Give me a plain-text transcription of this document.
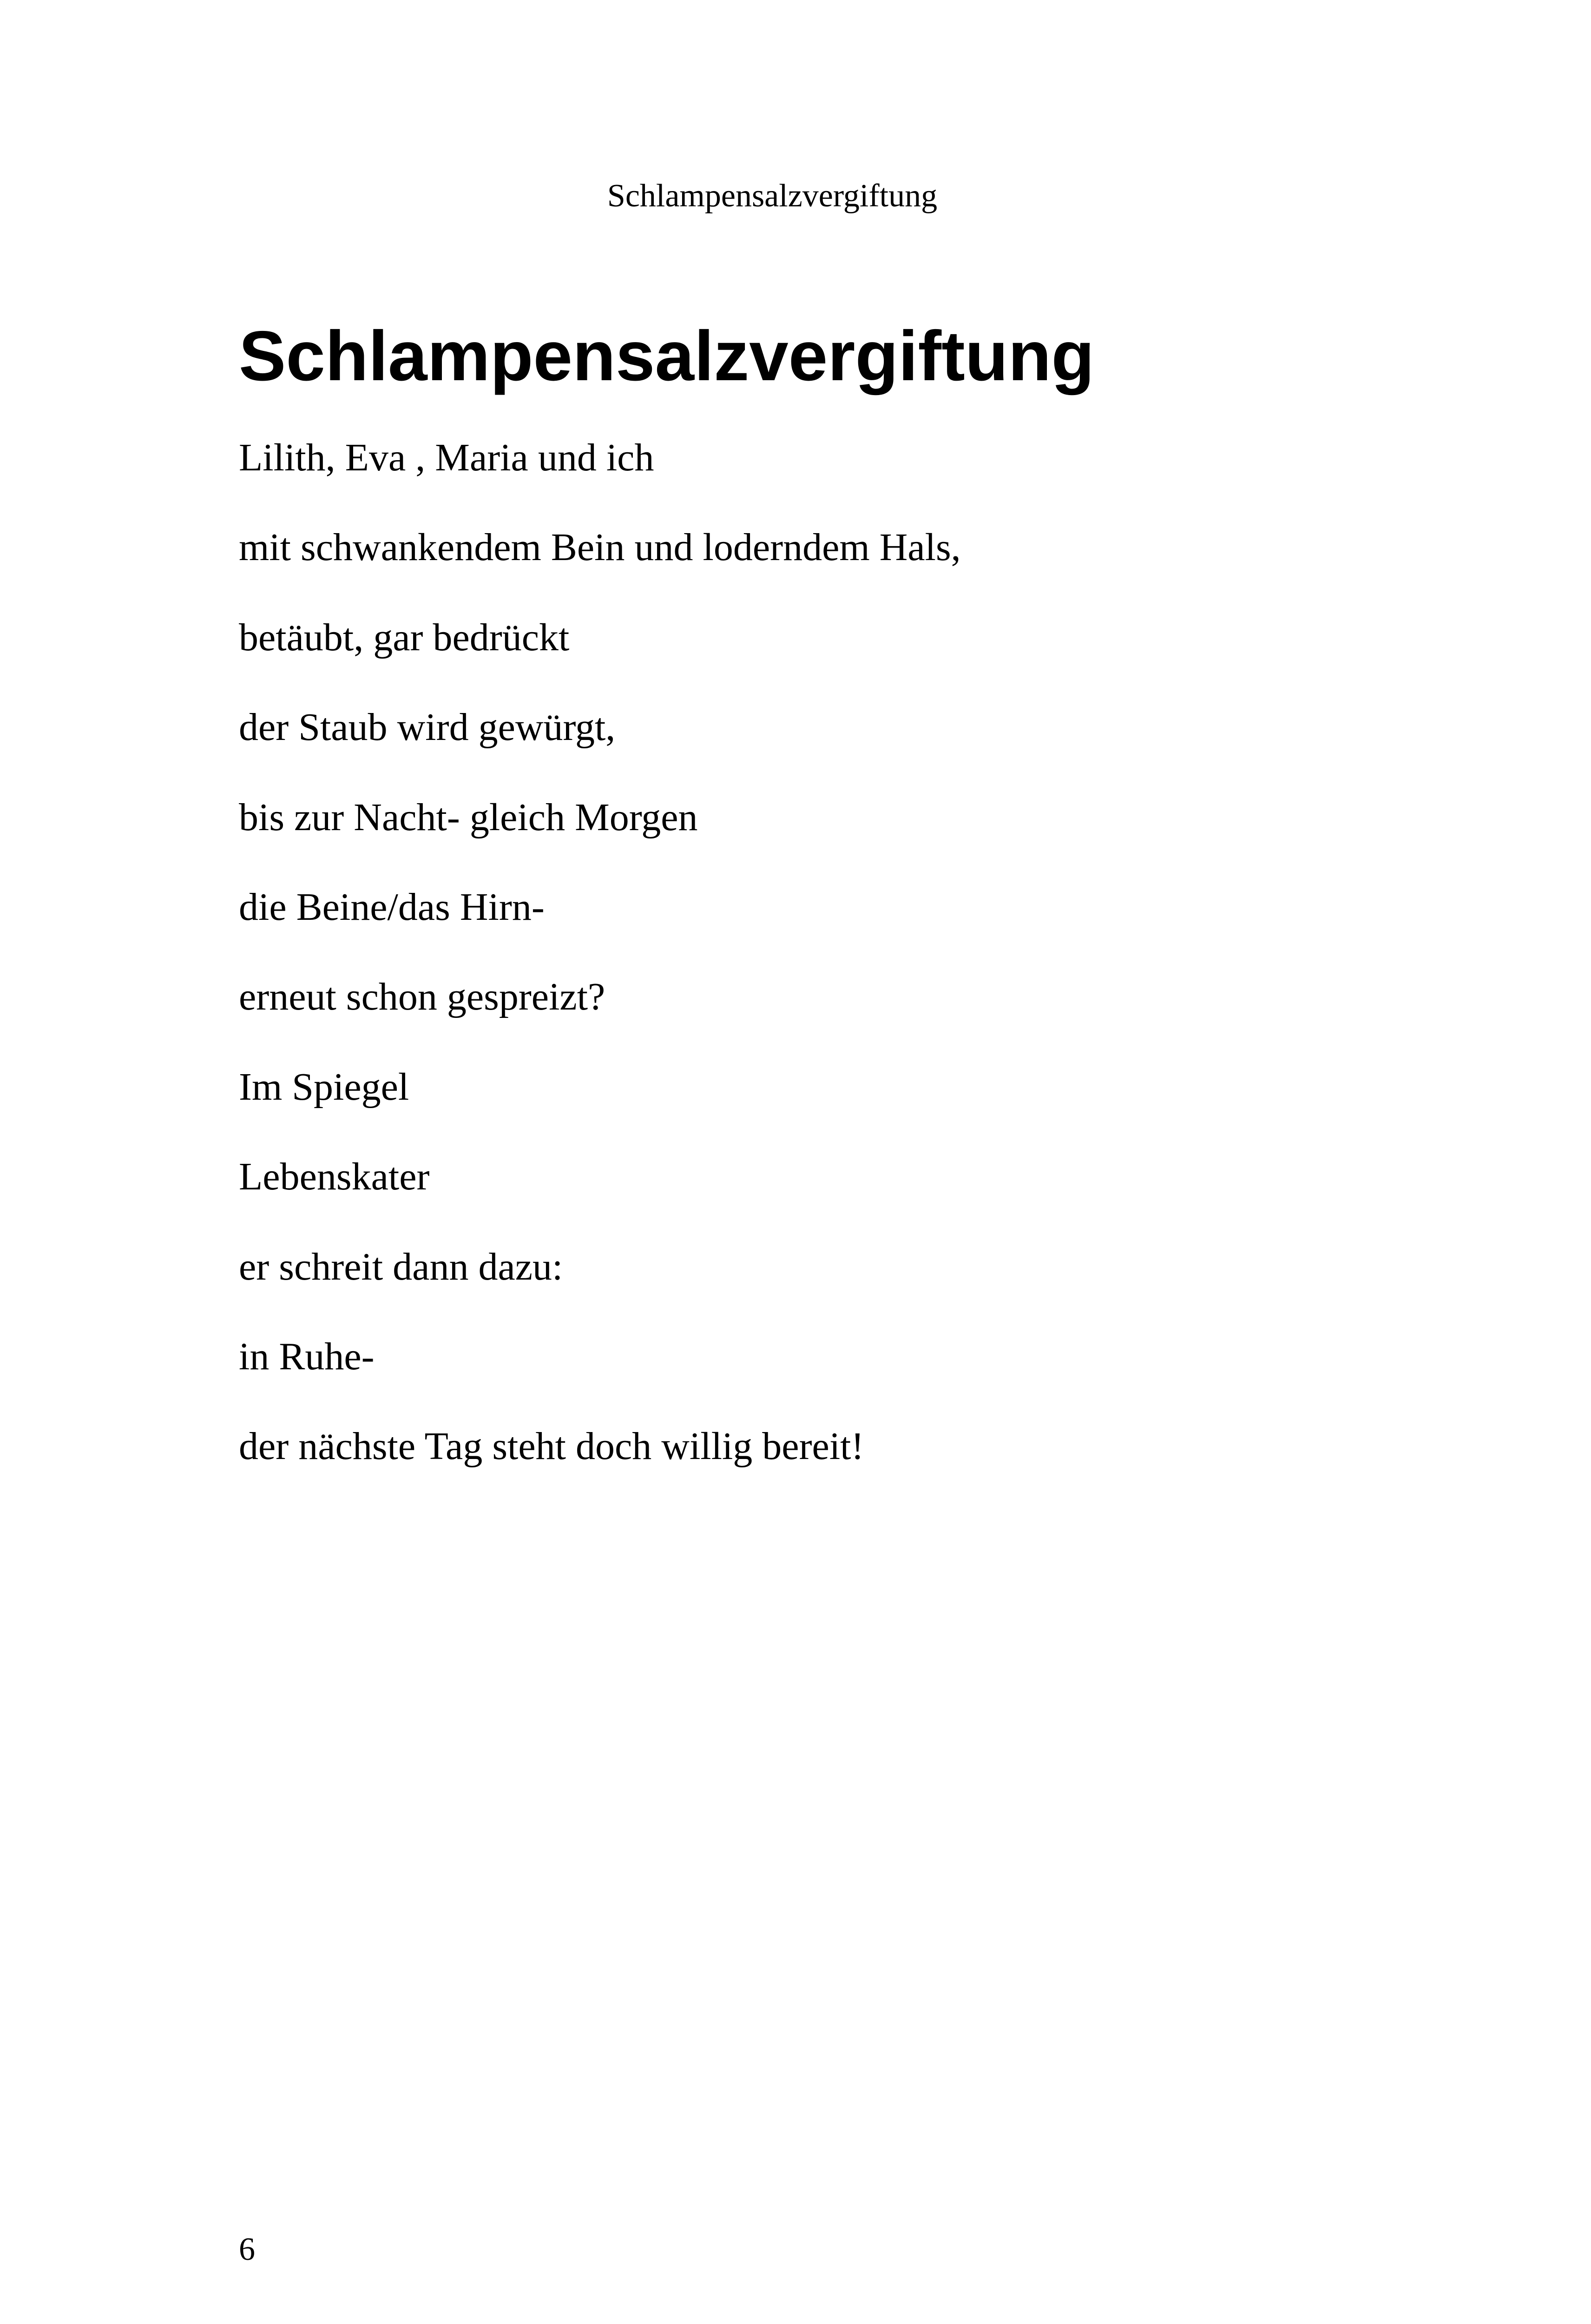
Schlampensalzvergiftung
Schlampensalzvergiftung
Lilith, Eva , Maria und ich
mit schwankendem Bein und loderndem Hals,
betäubt, gar bedrückt
der Staub wird gewürgt,
bis zur Nacht- gleich Morgen
die Beine/das Hirn-
erneut schon gespreizt?
Im Spiegel
Lebenskater
er schreit dann dazu:
in Ruhe-
der nächste Tag steht doch willig bereit!
6
